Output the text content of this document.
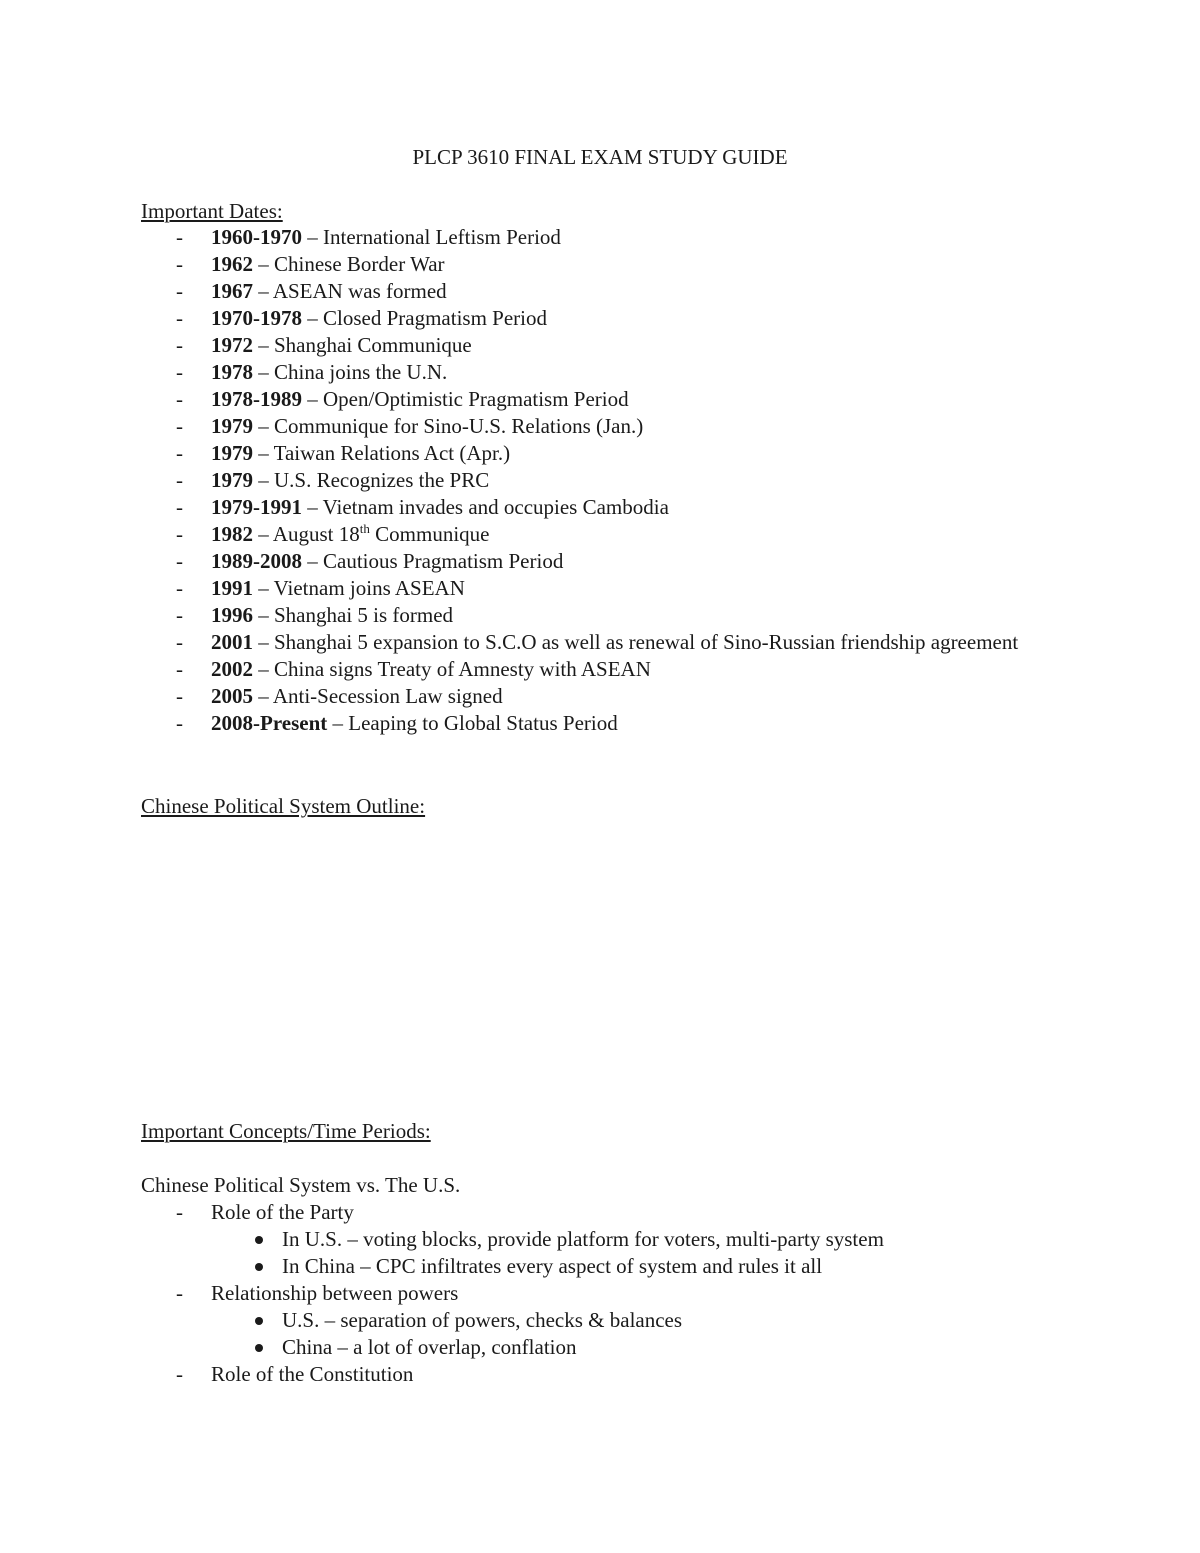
PLCP 3610 FINAL EXAM STUDY GUIDE
Important Dates:
- 1960-1970 – International Leftism Period
- 1962 – Chinese Border War
- 1967 – ASEAN was formed
- 1970-1978 – Closed Pragmatism Period
- 1972 – Shanghai Communique
- 1978 – China joins the U.N.
- 1978-1989 – Open/Optimistic Pragmatism Period
- 1979 – Communique for Sino-U.S. Relations (Jan.)
- 1979 – Taiwan Relations Act (Apr.)
- 1979 – U.S. Recognizes the PRC
- 1979-1991 – Vietnam invades and occupies Cambodia
- 1982 – August 18th Communique
- 1989-2008 – Cautious Pragmatism Period
- 1991 – Vietnam joins ASEAN
- 1996 – Shanghai 5 is formed
- 2001 – Shanghai 5 expansion to S.C.O as well as renewal of Sino-Russian friendship agreement
- 2002 – China signs Treaty of Amnesty with ASEAN
- 2005 – Anti-Secession Law signed
- 2008-Present – Leaping to Global Status Period
Chinese Political System Outline:
Important Concepts/Time Periods:
Chinese Political System vs. The U.S.
- Role of the Party
In U.S. – voting blocks, provide platform for voters, multi-party system
In China – CPC infiltrates every aspect of system and rules it all
- Relationship between powers
U.S. – separation of powers, checks & balances
China – a lot of overlap, conflation
- Role of the Constitution
